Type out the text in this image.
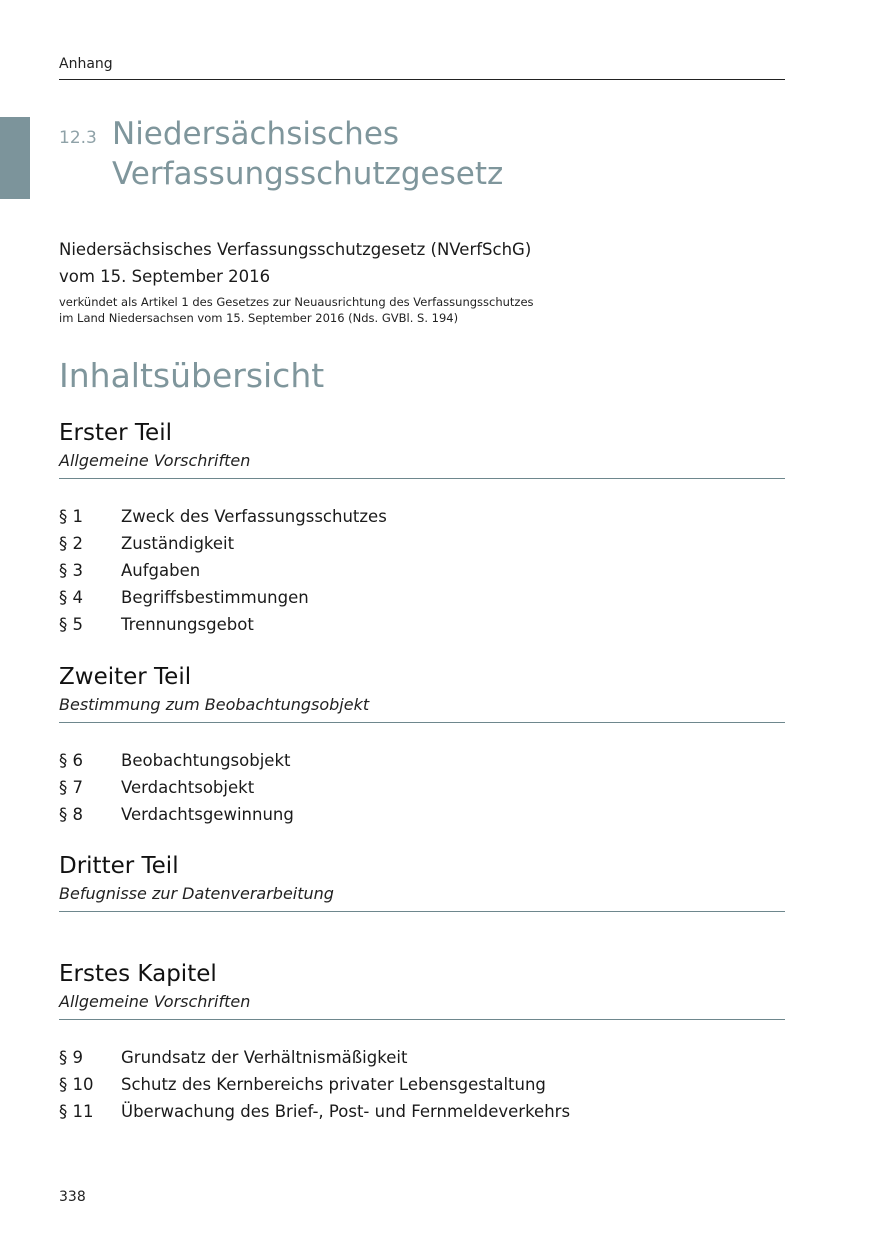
Anhang
12.3 Niedersächsisches
Verfassungsschutzgesetz
Niedersächsisches Verfassungsschutzgesetz (NVerfSchG)
vom 15. September 2016
verkündet als Artikel 1 des Gesetzes zur Neuausrichtung des Verfassungsschutzes
im Land Niedersachsen vom 15. September 2016 (Nds. GVBl. S. 194)
Inhaltsübersicht
Erster Teil
Allgemeine Vorschriften
§ 1	Zweck des Verfassungsschutzes
§ 2	Zuständigkeit
§ 3	Aufgaben
§ 4	Begriffsbestimmungen
§ 5	Trennungsgebot
Zweiter Teil
Bestimmung zum Beobachtungsobjekt
§ 6	Beobachtungsobjekt
§ 7	Verdachtsobjekt
§ 8	Verdachtsgewinnung
Dritter Teil
Befugnisse zur Datenverarbeitung
Erstes Kapitel
Allgemeine Vorschriften
§ 9	Grundsatz der Verhältnismäßigkeit
§ 10	Schutz des Kernbereichs privater Lebensgestaltung
§ 11	Überwachung des Brief-, Post- und Fernmeldeverkehrs
338
